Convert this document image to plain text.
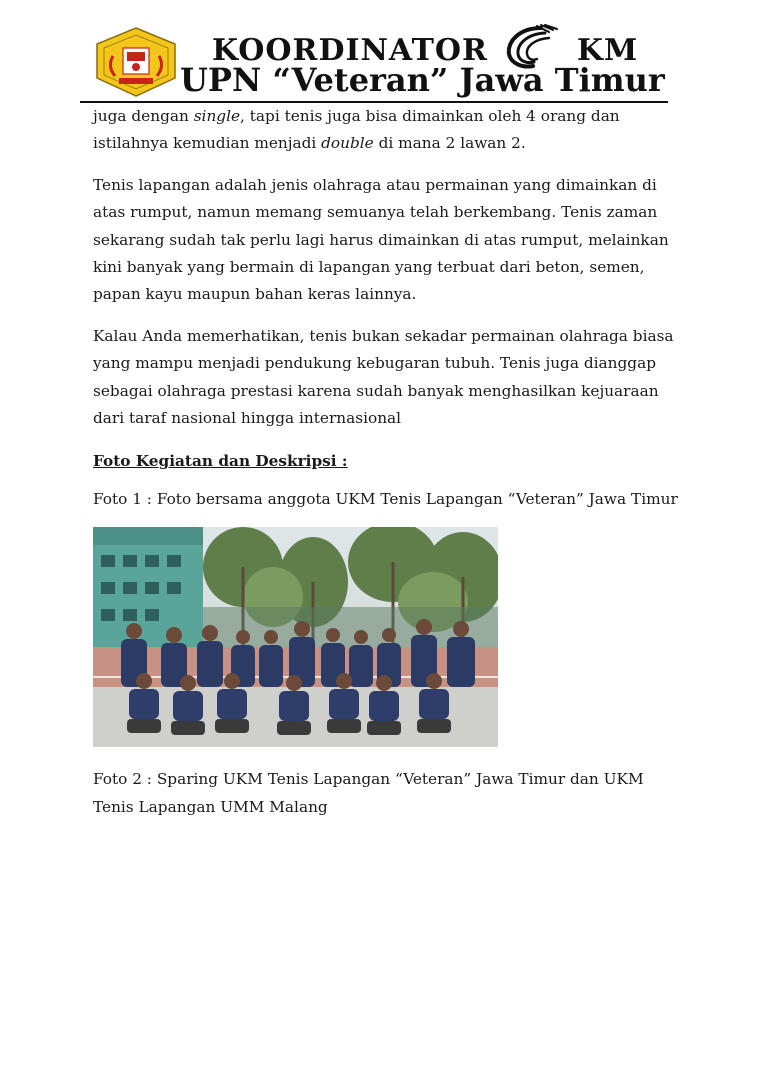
KOORDINATOR	KM
UPN “Veteran” Jawa Timur

juga dengan single, tapi tenis juga bisa dimainkan oleh 4 orang dan istilahnya kemudian menjadi double di mana 2 lawan 2.

Tenis lapangan adalah jenis olahraga atau permainan yang dimainkan di atas rumput, namun memang semuanya telah berkembang. Tenis zaman sekarang sudah tak perlu lagi harus dimainkan di atas rumput, melainkan kini banyak yang bermain di lapangan yang terbuat dari beton, semen, papan kayu maupun bahan keras lainnya.

Kalau Anda memerhatikan, tenis bukan sekadar permainan olahraga biasa yang mampu menjadi pendukung kebugaran tubuh. Tenis juga dianggap sebagai olahraga prestasi karena sudah banyak menghasilkan kejuaraan dari taraf nasional hingga internasional

Foto Kegiatan dan Deskripsi :

Foto 1 : Foto bersama anggota UKM Tenis Lapangan “Veteran” Jawa Timur

Foto 2 : Sparing UKM Tenis Lapangan “Veteran” Jawa Timur dan UKM Tenis Lapangan UMM Malang
